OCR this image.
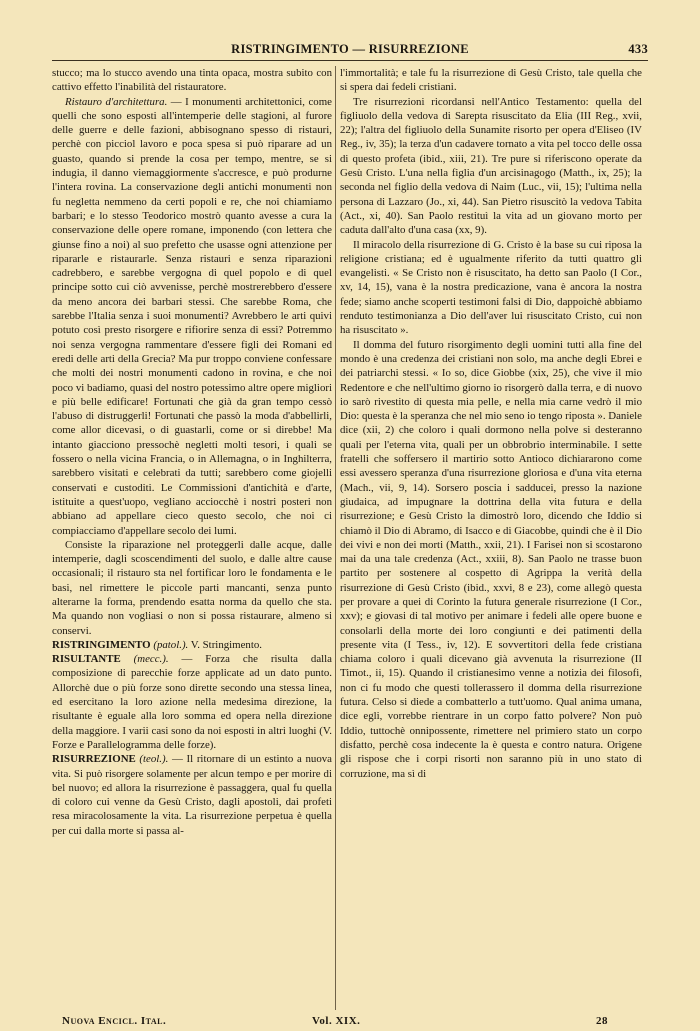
RISTRINGIMENTO — RISURREZIONE	433

stucco; ma lo stucco avendo una tinta opaca, mostra subito con cattivo effetto l'inabilità del ristauratore.

Ristauro d'architettura. — I monumenti architettonici, come quelli che sono esposti all'intemperie delle stagioni, al furore delle guerre e delle fazioni, abbisognano spesso di ristauri, perchè con picciol lavoro e poca spesa si può riparare ad un guasto, quando si prende la cosa per tempo, mentre, se si indugia, il danno viemaggiormente s'accresce, e può produrne l'intera rovina. La conservazione degli antichi monumenti non fu negletta nemmeno da certi popoli e re, che noi chiamiamo barbari; e lo stesso Teodorico mostrò quanto avesse a cura la conservazione delle opere romane, imponendo (con lettera che giunse fino a noi) al suo prefetto che usasse ogni attenzione per ripararle e ristaurarle. Senza ristauri e senza riparazioni cadrebbero, e sarebbe vergogna di quel popolo e di quel principe sotto cui ciò avvenisse, perchè mostrerebbero d'essere da meno ancora dei barbari stessi. Che sarebbe Roma, che sarebbe l'Italia senza i suoi monumenti? Avrebbero le arti quivi potuto così presto risorgere e rifiorire senza di essi? Potremmo noi senza vergogna rammentare d'essere figli dei Romani ed eredi delle arti della Grecia? Ma pur troppo conviene confessare che molti dei nostri monumenti cadono in rovina, e che noi poco vi badiamo, quasi del nostro potessimo altre opere migliori e più belle edificare! Fortunati che già da gran tempo cessò l'abuso di distruggerli! Fortunati che passò la moda d'abbellirli, come allor dicevasi, o di guastarli, come or si direbbe! Ma intanto giacciono pressochè negletti molti tesori, i quali se fossero o nella vicina Francia, o in Allemagna, o in Inghilterra, sarebbero visitati e celebrati da tutti; sarebbero come giojelli conservati e custoditi. Le Commissioni d'antichità e d'arte, istituite a quest'uopo, vegliano acciocchè i nostri posteri non abbiano ad appellare cieco questo secolo, che noi ci compiacciamo d'appellare secolo dei lumi.

Consiste la riparazione nel proteggerli dalle acque, dalle intemperie, dagli scoscendimenti del suolo, e dalle altre cause occasionali; il ristauro sta nel fortificar loro le fondamenta e le basi, nel rimettere le piccole parti mancanti, senza punto alterarne la forma, prendendo esatta norma da quello che sta. Ma quando non vogliasi o non si possa ristaurare, almeno si conservi.

RISTRINGIMENTO (patol.). V. Stringimento.

RISULTANTE (mecc.). — Forza che risulta dalla composizione di parecchie forze applicate ad un dato punto. Allorchè due o più forze sono dirette secondo una stessa linea, ed esercitano la loro azione nella medesima direzione, la risultante è eguale alla loro somma ed opera nella direzione della maggiore. I varii casi sono da noi esposti in altri luoghi (V. Forze e Parallelogramma delle forze).

RISURREZIONE (teol.). — Il ritornare di un estinto a nuova vita. Si può risorgere solamente per alcun tempo e per morire di bel nuovo; ed allora la risurrezione è passaggera, qual fu quella di coloro cui venne da Gesù Cristo, dagli apostoli, dai profeti resa miracolosamente la vita. La risurrezione perpetua è quella per cui dalla morte si passa al-

l'immortalità; e tale fu la risurrezione di Gesù Cristo, tale quella che si spera dai fedeli cristiani.

Tre risurrezioni ricordansi nell'Antico Testamento: quella del figliuolo della vedova di Sarepta risuscitato da Elia (III Reg., xvii, 22); l'altra del figliuolo della Sunamite risorto per opera d'Eliseo (IV Reg., iv, 35); la terza d'un cadavere tornato a vita pel tocco delle ossa di questo profeta (ibid., xiii, 21). Tre pure si riferiscono operate da Gesù Cristo. L'una nella figlia d'un arcisinagogo (Matth., ix, 25); la seconda nel figlio della vedova di Naim (Luc., vii, 15); l'ultima nella persona di Lazzaro (Jo., xi, 44). San Pietro risuscitò la vedova Tabita (Act., xi, 40). San Paolo restituì la vita ad un giovano morto per caduta dall'alto d'una casa (xx, 9).

Il miracolo della risurrezione di G. Cristo è la base su cui riposa la religione cristiana; ed è ugualmente riferito da tutti quattro gli evangelisti. « Se Cristo non è risuscitato, ha detto san Paolo (I Cor., xv, 14, 15), vana è la nostra predicazione, vana è ancora la nostra fede; siamo anche scoperti testimoni falsi di Dio, dappoichè abbiamo renduto testimonianza a Dio dell'aver lui risuscitato Cristo, cui non ha risuscitato ».

Il domma del futuro risorgimento degli uomini tutti alla fine del mondo è una credenza dei cristiani non solo, ma anche degli Ebrei e dei patriarchi stessi. « Io so, dice Giobbe (xix, 25), che vive il mio Redentore e che nell'ultimo giorno io risorgerò dalla terra, e di nuovo io sarò rivestito di questa mia pelle, e nella mia carne vedrò il mio Dio: questa è la speranza che nel mio seno io tengo riposta ». Daniele dice (xii, 2) che coloro i quali dormono nella polve si desteranno quali per l'eterna vita, quali per un obbrobrio interminabile. I sette fratelli che soffersero il martirio sotto Antioco dichiararono come essi avessero speranza d'una risurrezione gloriosa e d'una vita eterna (Mach., vii, 9, 14). Sorsero poscia i sadducei, presso la nazione giudaica, ad impugnare la dottrina della vita futura e della risurrezione; e Gesù Cristo la dimostrò loro, dicendo che Iddio si chiamò il Dio di Abramo, di Isacco e di Giacobbe, quindi che è il Dio dei vivi e non dei morti (Matth., xxii, 21). I Farisei non si scostarono mai da una tale credenza (Act., xxiii, 8). San Paolo ne trasse buon partito per sostenere al cospetto di Agrippa la verità della risurrezione di Gesù Cristo (ibid., xxvi, 8 e 23), come allegò questa per provare a quei di Corinto la futura generale risurrezione (I Cor., xxv); e giovasi di tal motivo per animare i fedeli alle opere buone e consolarli della morte dei loro congiunti e dei patimenti della presente vita (I Tess., iv, 12). E sovvertitori della fede cristiana chiama coloro i quali dicevano già avvenuta la risurrezione (II Timot., ii, 15). Quando il cristianesimo venne a notizia dei filosofi, non ci fu modo che questi tollerassero il domma della risurrezione futura. Celso si diede a combatterlo a tutt'uomo. Qual anima umana, dice egli, vorrebbe rientrare in un corpo fatto polvere? Non può Iddio, tuttochè onnipossente, rimettere nel primiero stato un corpo disfatto, perchè cosa indecente la è questa e contro natura. Origene gli rispose che i corpi risorti non saranno più in uno stato di corruzione, ma sì di

Nuova Encicl. Ital.	Vol. XIX.	28
